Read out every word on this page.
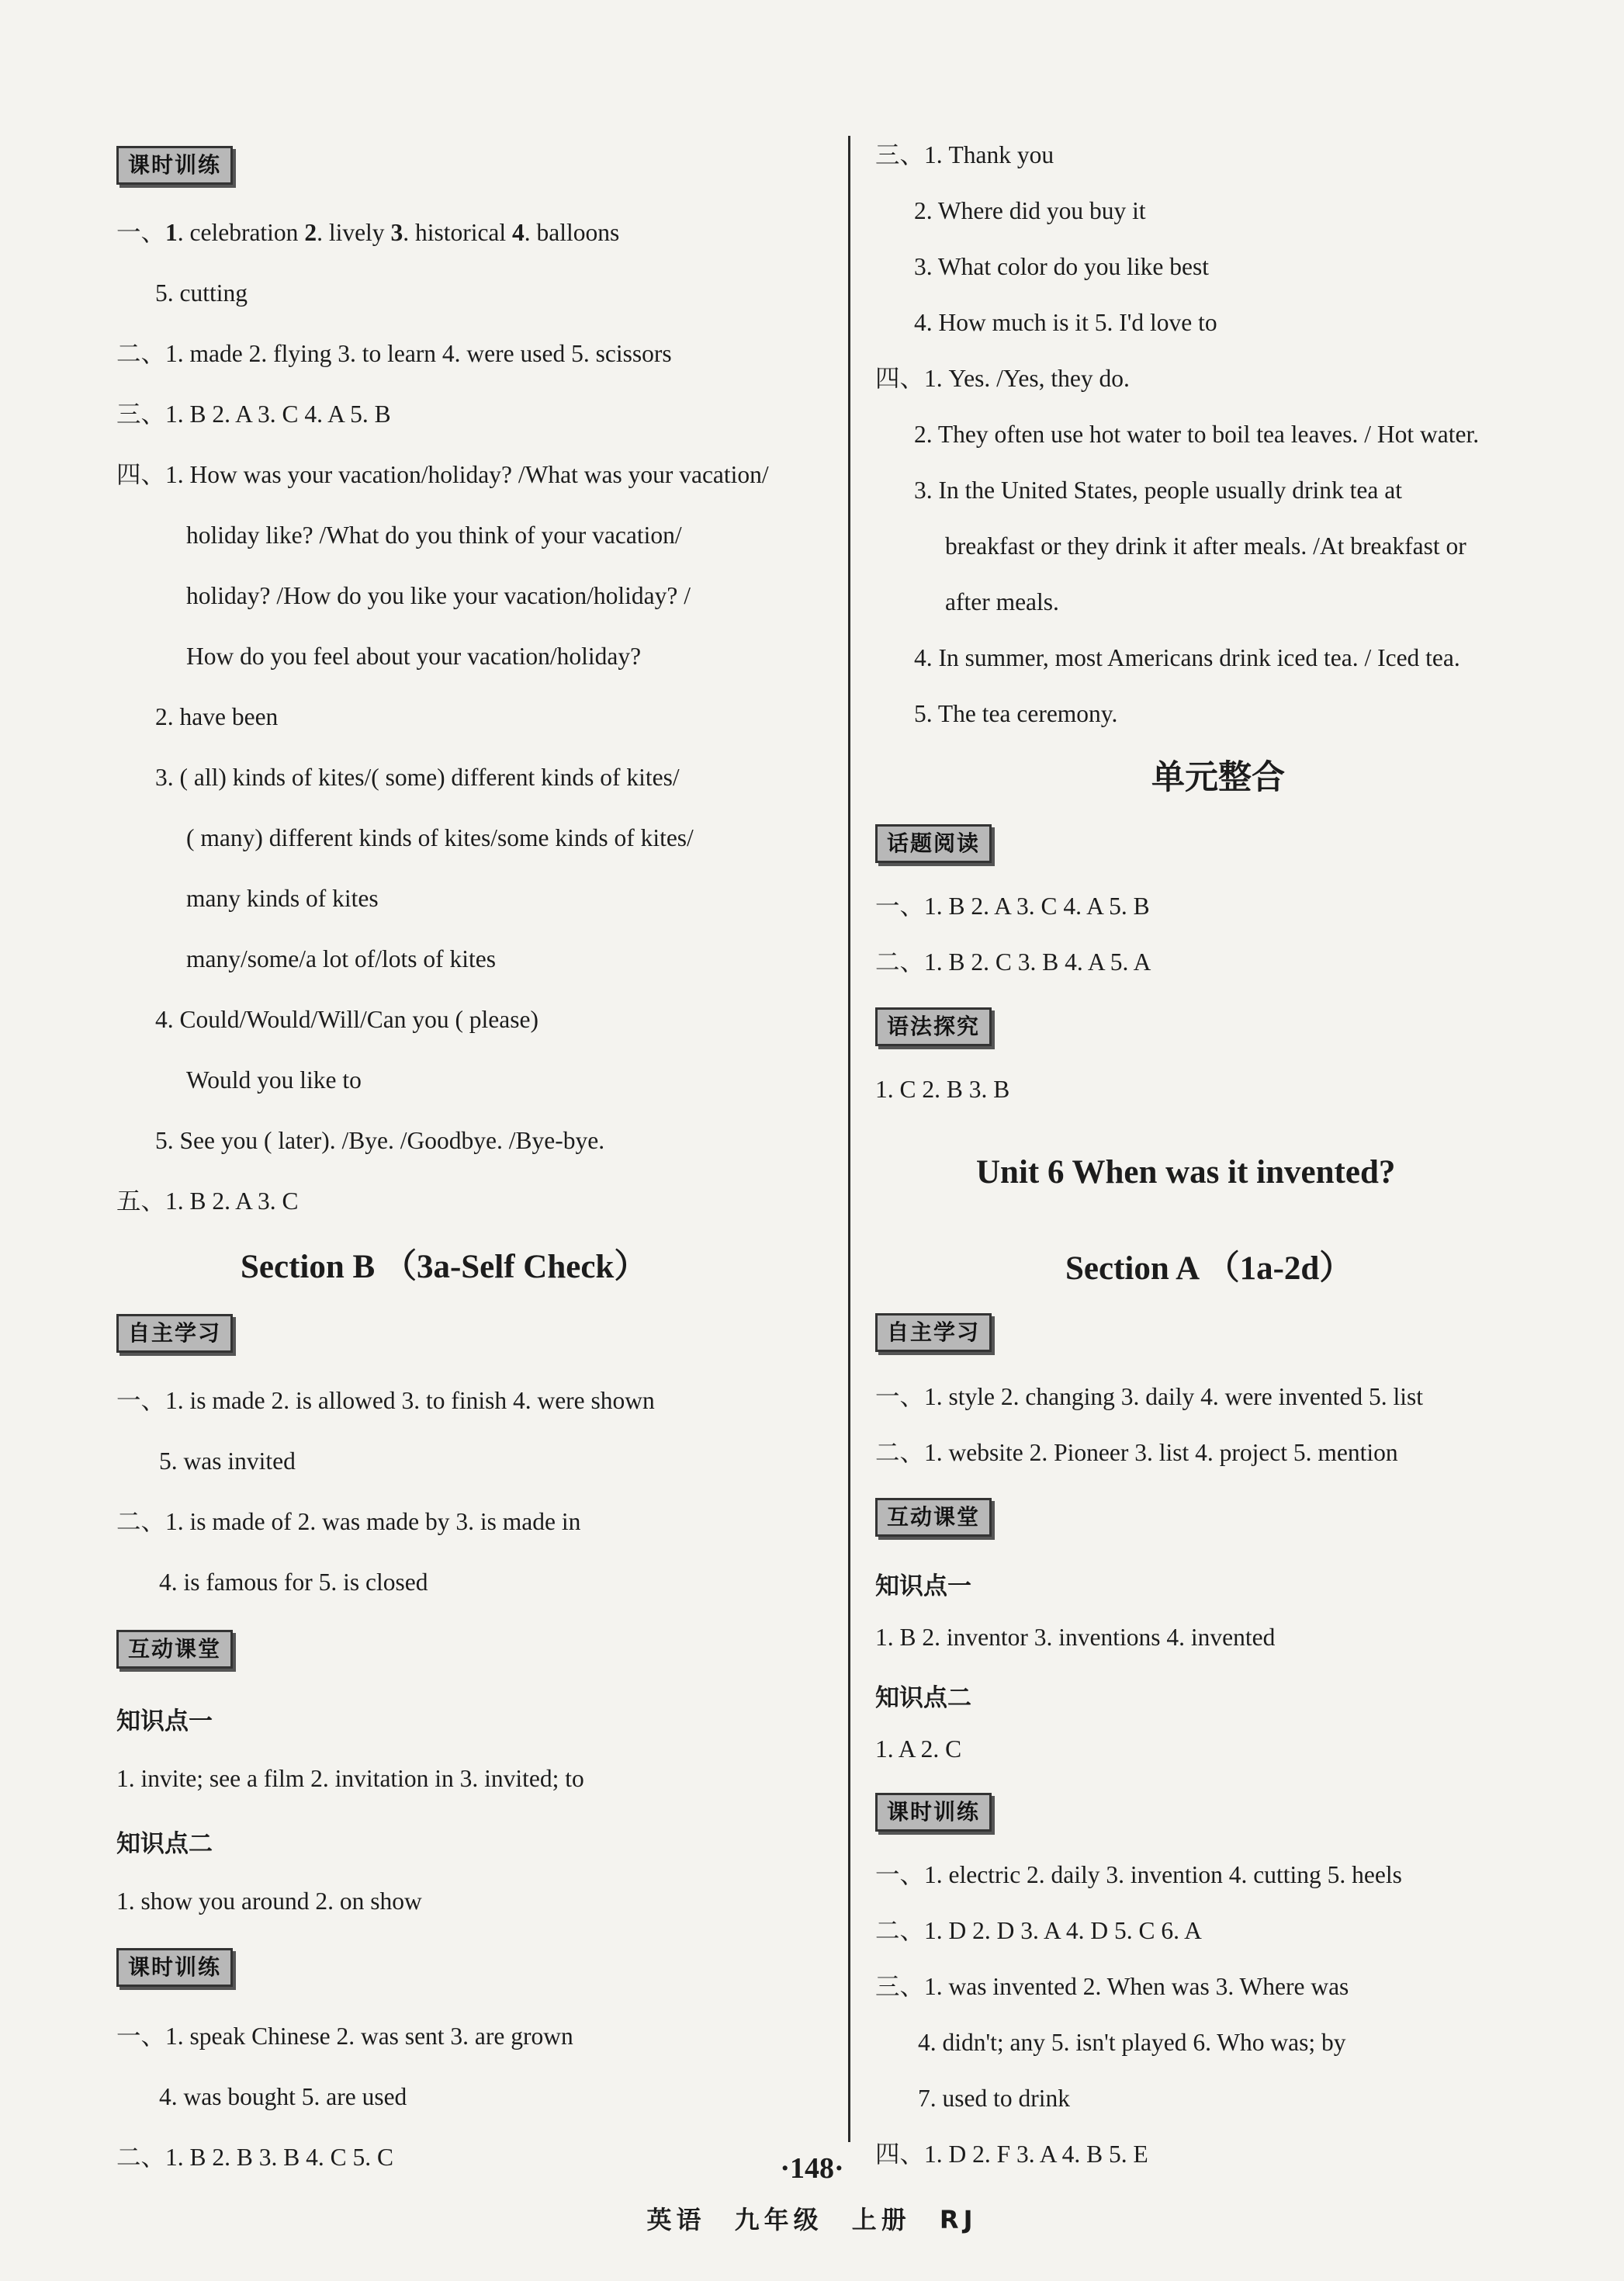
课时训练
一、1. celebration 2. lively 3. historical 4. balloons
5. cutting
二、1. made 2. flying 3. to learn 4. were used 5. scissors
三、1. B 2. A 3. C 4. A 5. B
四、1. How was your vacation/holiday? /What was your vacation/
holiday like? /What do you think of your vacation/
holiday? /How do you like your vacation/holiday? /
How do you feel about your vacation/holiday?
2. have been
3. ( all) kinds of kites/( some) different kinds of kites/
( many) different kinds of kites/some kinds of kites/
many kinds of kites
many/some/a lot of/lots of kites
4. Could/Would/Will/Can you ( please)
Would you like to
5. See you ( later). /Bye. /Goodbye. /Bye-bye.
五、1. B 2. A 3. C
Section B （3a-Self Check）
自主学习
一、1. is made 2. is allowed 3. to finish 4. were shown
5. was invited
二、1. is made of 2. was made by 3. is made in
4. is famous for 5. is closed
互动课堂
知识点一
1. invite; see a film 2. invitation in 3. invited; to
知识点二
1. show you around 2. on show
课时训练
一、1. speak Chinese 2. was sent 3. are grown
4. was bought 5. are used
二、1. B 2. B 3. B 4. C 5. C
三、1. Thank you
2. Where did you buy it
3. What color do you like best
4. How much is it 5. I'd love to
四、1. Yes. /Yes, they do.
2. They often use hot water to boil tea leaves. / Hot water.
3. In the United States, people usually drink tea at
breakfast or they drink it after meals. /At breakfast or
after meals.
4. In summer, most Americans drink iced tea. / Iced tea.
5. The tea ceremony.
单元整合
话题阅读
一、1. B 2. A 3. C 4. A 5. B
二、1. B 2. C 3. B 4. A 5. A
语法探究
1. C 2. B 3. B
Unit 6 When was it invented?
Section A （1a-2d）
自主学习
一、1. style 2. changing 3. daily 4. were invented 5. list
二、1. website 2. Pioneer 3. list 4. project 5. mention
互动课堂
知识点一
1. B 2. inventor 3. inventions 4. invented
知识点二
1. A 2. C
课时训练
一、1. electric 2. daily 3. invention 4. cutting 5. heels
二、1. D 2. D 3. A 4. D 5. C 6. A
三、1. was invented 2. When was 3. Where was
4. didn't; any 5. isn't played 6. Who was; by
7. used to drink
四、1. D 2. F 3. A 4. B 5. E
·148·
英语 九年级 上册 RJ
